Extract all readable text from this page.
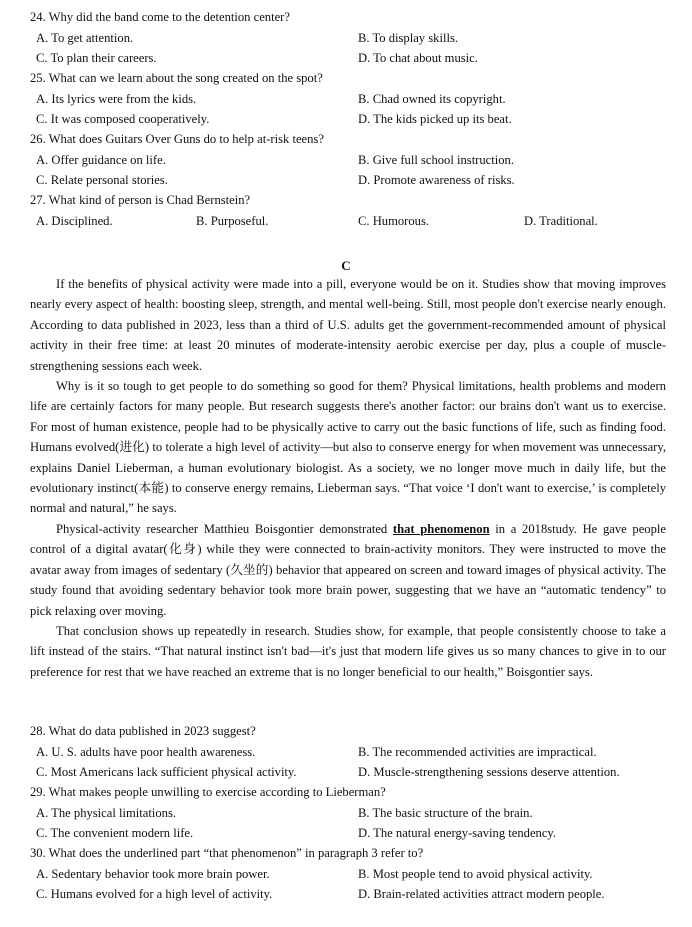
24. Why did the band come to the detention center?
A. To get attention.	B. To display skills.
C. To plan their careers.	D. To chat about music.
25. What can we learn about the song created on the spot?
A. Its lyrics were from the kids.	B. Chad owned its copyright.
C. It was composed cooperatively.	D. The kids picked up its beat.
26. What does Guitars Over Guns do to help at-risk teens?
A. Offer guidance on life.	B. Give full school instruction.
C. Relate personal stories.	D. Promote awareness of risks.
27. What kind of person is Chad Bernstein?
A. Disciplined.	B. Purposeful.	C. Humorous.	D. Traditional.
C

If the benefits of physical activity were made into a pill, everyone would be on it. Studies show that moving improves nearly every aspect of health: boosting sleep, strength, and mental well-being. Still, most people don't exercise nearly enough. According to data published in 2023, less than a third of U.S. adults get the government-recommended amount of physical activity in their free time: at least 20 minutes of moderate-intensity aerobic exercise per day, plus a couple of muscle-strengthening sessions each week.

Why is it so tough to get people to do something so good for them? Physical limitations, health problems and modern life are certainly factors for many people. But research suggests there's another factor: our brains don't want us to exercise. For most of human existence, people had to be physically active to carry out the basic functions of life, such as finding food. Humans evolved(进化) to tolerate a high level of activity—but also to conserve energy for when movement was unnecessary, explains Daniel Lieberman, a human evolutionary biologist. As a society, we no longer move much in daily life, but the evolutionary instinct(本能) to conserve energy remains, Lieberman says. “That voice ‘I don't want to exercise,’ is completely normal and natural,” he says.

Physical-activity researcher Matthieu Boisgontier demonstrated that phenomenon in a 2018study. He gave people control of a digital avatar(化身) while they were connected to brain-activity monitors. They were instructed to move the avatar away from images of sedentary (久坐的) behavior that appeared on screen and toward images of physical activity. The study found that avoiding sedentary behavior took more brain power, suggesting that we have an “automatic tendency” to pick relaxing over moving.

That conclusion shows up repeatedly in research. Studies show, for example, that people consistently choose to take a lift instead of the stairs. “That natural instinct isn't bad—it's just that modern life gives us so many chances to give in to our preference for rest that we have reached an extreme that is no longer beneficial to our health,” Boisgontier says.

28. What do data published in 2023 suggest?
A. U. S. adults have poor health awareness.	B. The recommended activities are impractical.
C. Most Americans lack sufficient physical activity.	D. Muscle-strengthening sessions deserve attention.
29. What makes people unwilling to exercise according to Lieberman?
A. The physical limitations.	B. The basic structure of the brain.
C. The convenient modern life.	D. The natural energy-saving tendency.
30. What does the underlined part “that phenomenon” in paragraph 3 refer to?
A. Sedentary behavior took more brain power.	B. Most people tend to avoid physical activity.
C. Humans evolved for a high level of activity.	D. Brain-related activities attract modern people.
